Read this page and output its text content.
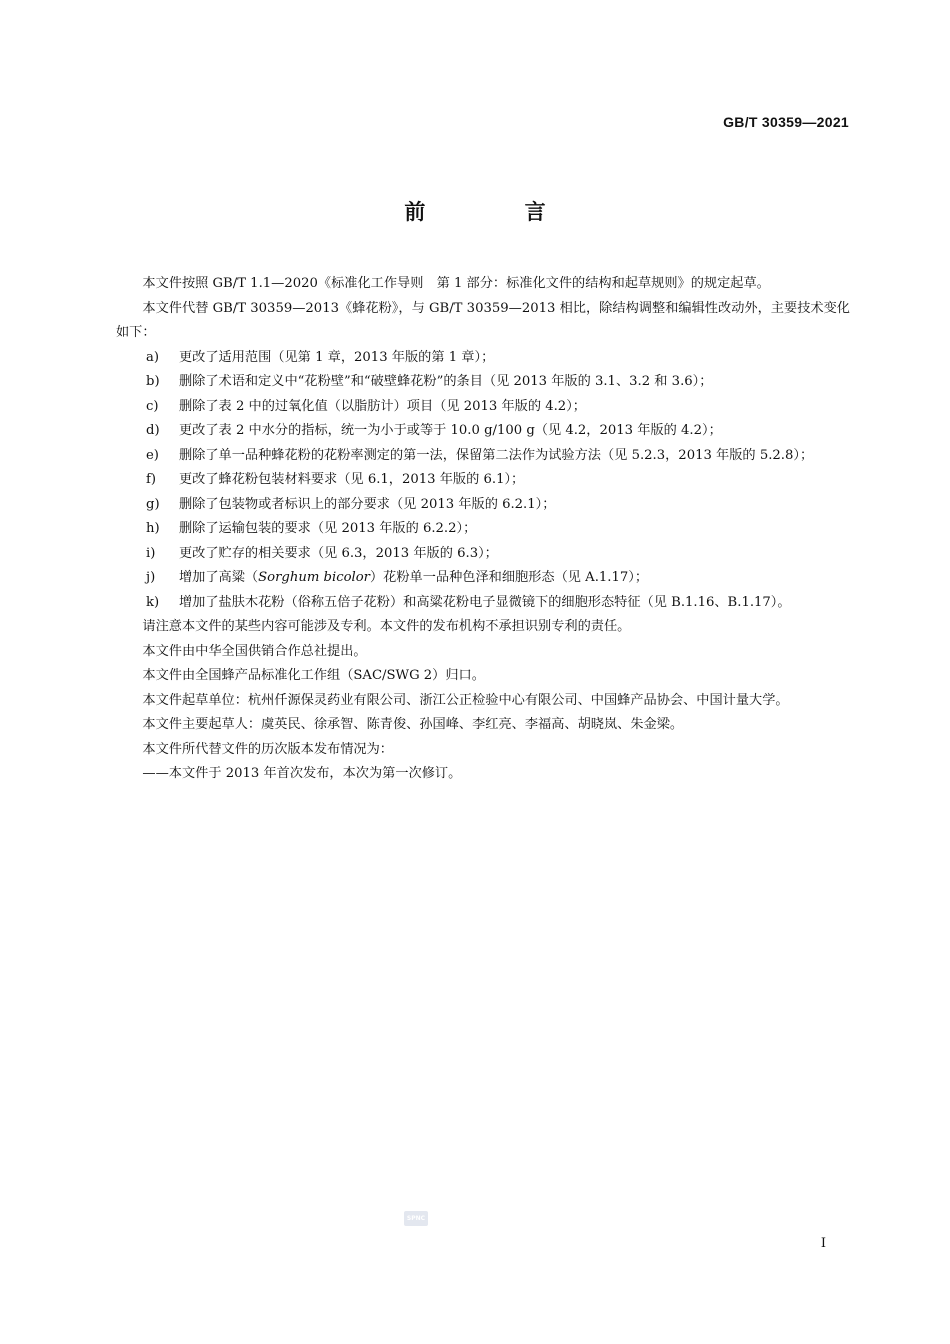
GB/T 30359—2021

前 言

本文件按照 GB/T 1.1—2020《标准化工作导则　第 1 部分：标准化文件的结构和起草规则》的规定起草。

本文件代替 GB/T 30359—2013《蜂花粉》，与 GB/T 30359—2013 相比，除结构调整和编辑性改动外，主要技术变化如下：

a) 更改了适用范围（见第 1 章，2013 年版的第 1 章）；
b) 删除了术语和定义中“花粉壁”和“破壁蜂花粉”的条目（见 2013 年版的 3.1、3.2 和 3.6）；
c) 删除了表 2 中的过氧化值（以脂肪计）项目（见 2013 年版的 4.2）；
d) 更改了表 2 中水分的指标，统一为小于或等于 10.0 g/100 g（见 4.2，2013 年版的 4.2）；
e) 删除了单一品种蜂花粉的花粉率测定的第一法，保留第二法作为试验方法（见 5.2.3，2013 年版的 5.2.8）；
f) 更改了蜂花粉包装材料要求（见 6.1，2013 年版的 6.1）；
g) 删除了包装物或者标识上的部分要求（见 2013 年版的 6.2.1）；
h) 删除了运输包装的要求（见 2013 年版的 6.2.2）；
i) 更改了贮存的相关要求（见 6.3，2013 年版的 6.3）；
j) 增加了高粱（Sorghum bicolor）花粉单一品种色泽和细胞形态（见 A.1.17）；
k) 增加了盐肤木花粉（俗称五倍子花粉）和高粱花粉电子显微镜下的细胞形态特征（见 B.1.16、B.1.17）。

请注意本文件的某些内容可能涉及专利。本文件的发布机构不承担识别专利的责任。

本文件由中华全国供销合作总社提出。

本文件由全国蜂产品标准化工作组（SAC/SWG 2）归口。

本文件起草单位：杭州仟源保灵药业有限公司、浙江公正检验中心有限公司、中国蜂产品协会、中国计量大学。

本文件主要起草人：虞英民、徐承智、陈青俊、孙国峰、李红亮、李福高、胡晓岚、朱金梁。

本文件所代替文件的历次版本发布情况为：

——本文件于 2013 年首次发布，本次为第一次修订。

SPNC

I
